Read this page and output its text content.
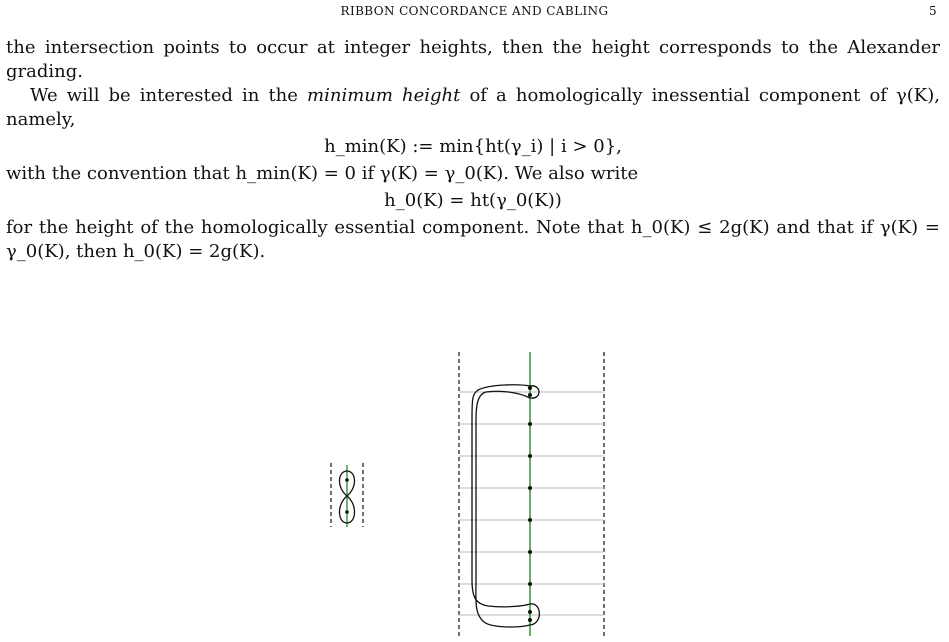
RIBBON CONCORDANCE AND CABLING	5

the intersection points to occur at integer heights, then the height corresponds to the Alexander grading.

We will be interested in the minimum height of a homologically inessential component of γ(K), namely,

h_min(K) := min{ht(γ_i) | i > 0},

with the convention that h_min(K) = 0 if γ(K) = γ_0(K). We also write

h_0(K) = ht(γ_0(K))

for the height of the homologically essential component. Note that h_0(K) ≤ 2g(K) and that if γ(K) = γ_0(K), then h_0(K) = 2g(K).
